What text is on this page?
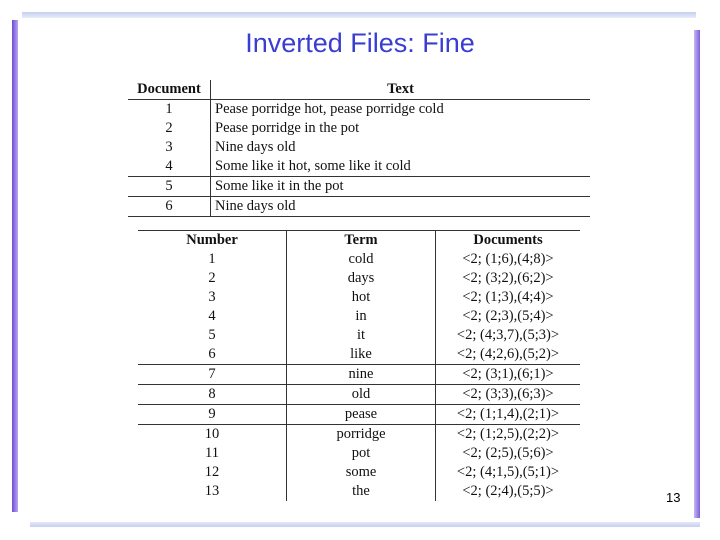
Inverted Files: Fine
Document	Text
1	Pease porridge hot, pease porridge cold
2	Pease porridge in the pot
3	Nine days old
4	Some like it hot, some like it cold
5	Some like it in the pot
6	Nine days old
Number	Term	Documents
1	cold	<2; (1;6),(4;8)>
2	days	<2; (3;2),(6;2)>
3	hot	<2; (1;3),(4;4)>
4	in	<2; (2;3),(5;4)>
5	it	<2; (4;3,7),(5;3)>
6	like	<2; (4;2,6),(5;2)>
7	nine	<2; (3;1),(6;1)>
8	old	<2; (3;3),(6;3)>
9	pease	<2; (1;1,4),(2;1)>
10	porridge	<2; (1;2,5),(2;2)>
11	pot	<2; (2;5),(5;6)>
12	some	<2; (4;1,5),(5;1)>
13	the	<2; (2;4),(5;5)>	13
